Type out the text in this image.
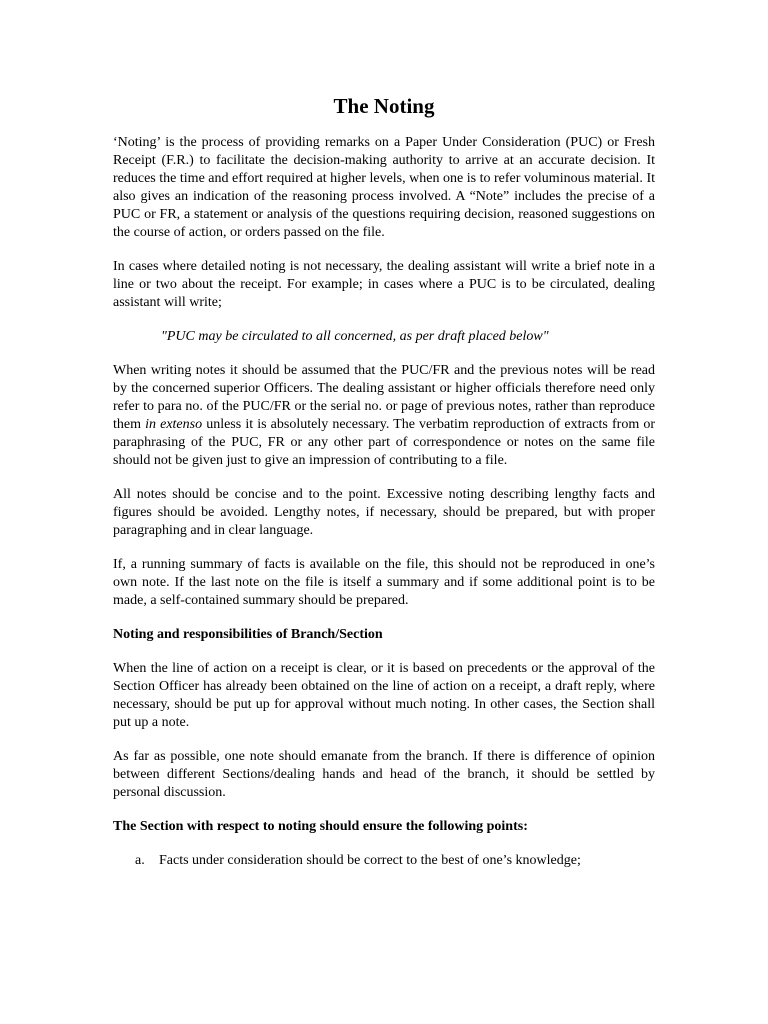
The Noting

‘Noting’ is the process of providing remarks on a Paper Under Consideration (PUC) or Fresh Receipt (F.R.) to facilitate the decision-making authority to arrive at an accurate decision. It reduces the time and effort required at higher levels, when one is to refer voluminous material. It also gives an indication of the reasoning process involved. A “Note” includes the precise of a PUC or FR, a statement or analysis of the questions requiring decision, reasoned suggestions on the course of action, or orders passed on the file.

In cases where detailed noting is not necessary, the dealing assistant will write a brief note in a line or two about the receipt. For example; in cases where a PUC is to be circulated, dealing assistant will write;

"PUC may be circulated to all concerned, as per draft placed below"

When writing notes it should be assumed that the PUC/FR and the previous notes will be read by the concerned superior Officers. The dealing assistant or higher officials therefore need only refer to para no. of the PUC/FR or the serial no. or page of previous notes, rather than reproduce them in extenso unless it is absolutely necessary. The verbatim reproduction of extracts from or paraphrasing of the PUC, FR or any other part of correspondence or notes on the same file should not be given just to give an impression of contributing to a file.

All notes should be concise and to the point. Excessive noting describing lengthy facts and figures should be avoided. Lengthy notes, if necessary, should be prepared, but with proper paragraphing and in clear language.

If, a running summary of facts is available on the file, this should not be reproduced in one’s own note. If the last note on the file is itself a summary and if some additional point is to be made, a self-contained summary should be prepared.

Noting and responsibilities of Branch/Section

When the line of action on a receipt is clear, or it is based on precedents or the approval of the Section Officer has already been obtained on the line of action on a receipt, a draft reply, where necessary, should be put up for approval without much noting. In other cases, the Section shall put up a note.

As far as possible, one note should emanate from the branch. If there is difference of opinion between different Sections/dealing hands and head of the branch, it should be settled by personal discussion.

The Section with respect to noting should ensure the following points:

a. Facts under consideration should be correct to the best of one’s knowledge;
